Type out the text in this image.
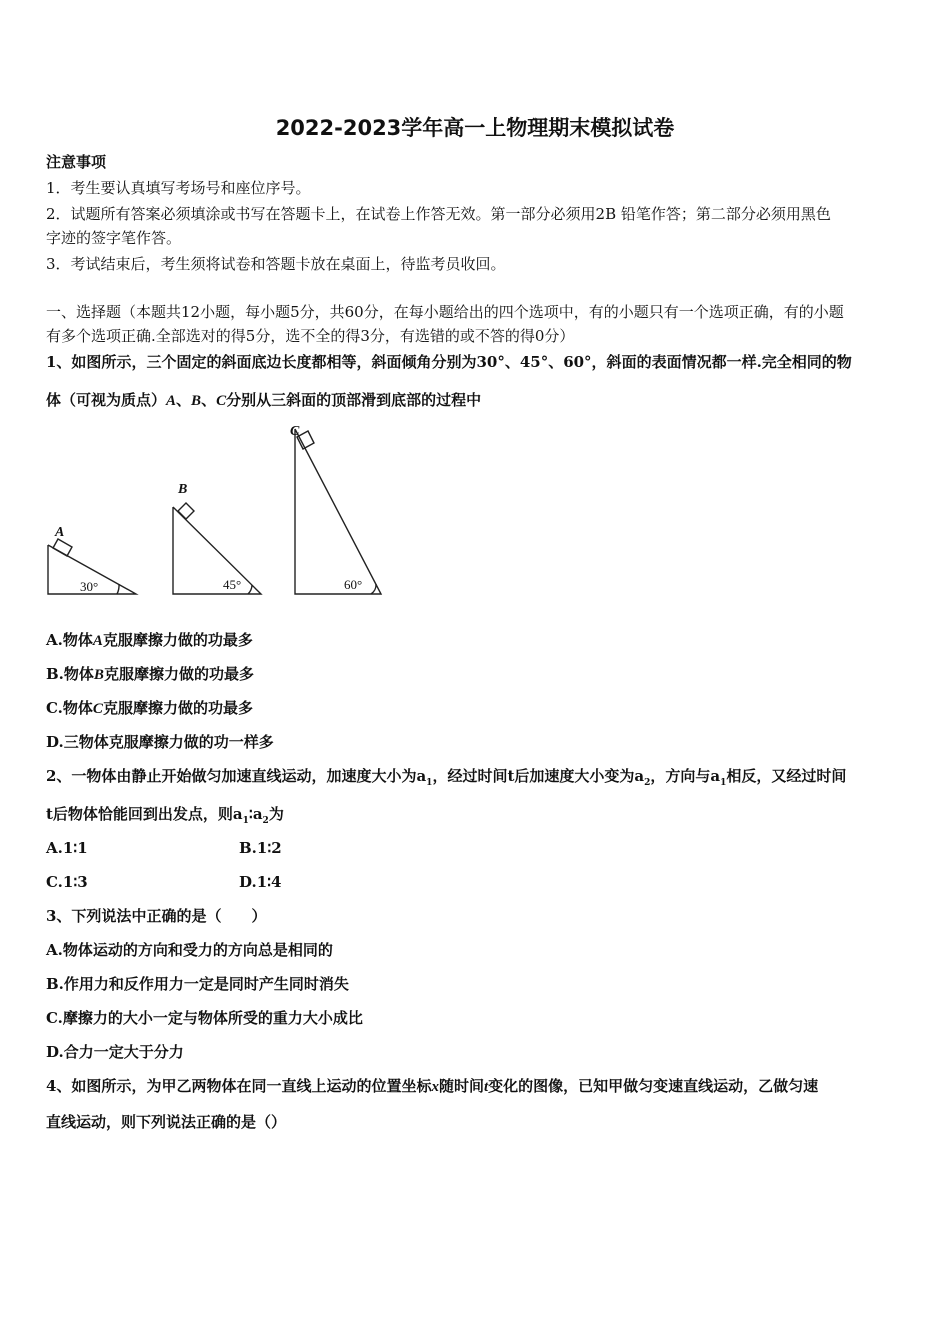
2022-2023学年高一上物理期末模拟试卷
注意事项
1．考生要认真填写考场号和座位序号。
2．试题所有答案必须填涂或书写在答题卡上，在试卷上作答无效。第一部分必须用2B 铅笔作答；第二部分必须用黑色
字迹的签字笔作答。
3．考试结束后，考生须将试卷和答题卡放在桌面上，待监考员收回。
一、选择题（本题共12小题，每小题5分，共60分，在每小题给出的四个选项中，有的小题只有一个选项正确，有的小题
有多个选项正确.全部选对的得5分，选不全的得3分，有选错的或不答的得0分）
1、如图所示，三个固定的斜面底边长度都相等，斜面倾角分别为30°、45°、60°，斜面的表面情况都一样.完全相同的物
体（可视为质点）A、B、C分别从三斜面的顶部滑到底部的过程中
A
B
C
30°	45°	60°
A.物体A克服摩擦力做的功最多
B.物体B克服摩擦力做的功最多
C.物体C克服摩擦力做的功最多
D.三物体克服摩擦力做的功一样多
2、一物体由静止开始做匀加速直线运动，加速度大小为$a_1$，经过时间t后加速度大小变为$a_2$，方向与$a_1$相反，又经过时间
t后物体恰能回到出发点，则$a_1∶a_2$为
A.1∶1	B.1∶2
C.1∶3	D.1∶4
3、下列说法中正确的是（　　）
A.物体运动的方向和受力的方向总是相同的
B.作用力和反作用力一定是同时产生同时消失
C.摩擦力的大小一定与物体所受的重力大小成比
D.合力一定大于分力
4、如图所示，为甲乙两物体在同一直线上运动的位置坐标x随时间t变化的图像，已知甲做匀变速直线运动，乙做匀速
直线运动，则下列说法正确的是（）
